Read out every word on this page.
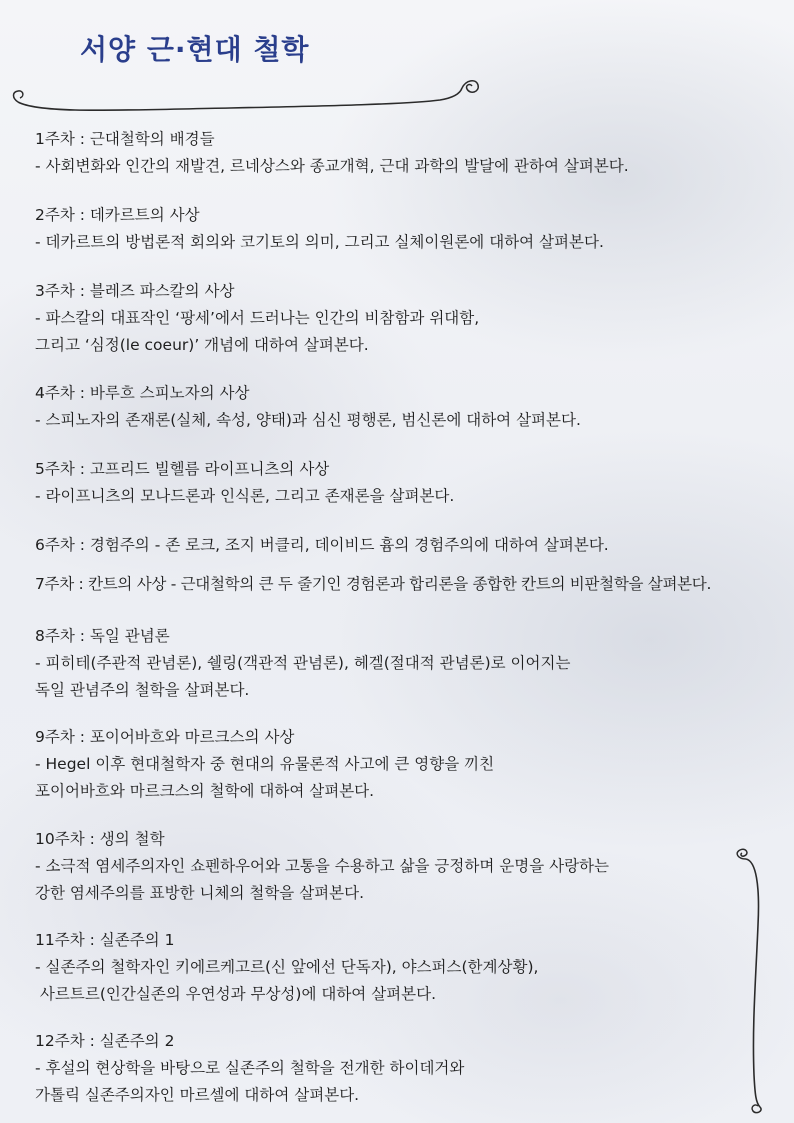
서양 근·현대 철학

1주차 : 근대철학의 배경들

- 사회변화와 인간의 재발견, 르네상스와 종교개혁, 근대 과학의 발달에 관하여 살펴본다.

2주차 : 데카르트의 사상

- 데카르트의 방법론적 회의와 코기토의 의미, 그리고 실체이원론에 대하여 살펴본다.

3주차 : 블레즈 파스칼의 사상

- 파스칼의 대표작인 ‘팡세’에서 드러나는 인간의 비참함과 위대함,

그리고 ‘심정(le coeur)’ 개념에 대하여 살펴본다.

4주차 : 바루흐 스피노자의 사상

- 스피노자의 존재론(실체, 속성, 양태)과 심신 평행론, 범신론에 대하여 살펴본다.

5주차 : 고프리드 빌헬름 라이프니츠의 사상

- 라이프니츠의 모나드론과 인식론, 그리고 존재론을 살펴본다.

6주차 : 경험주의 - 존 로크, 조지 버클리, 데이비드 흄의 경험주의에 대하여 살펴본다.

7주차 : 칸트의 사상 - 근대철학의 큰 두 줄기인 경험론과 합리론을 종합한 칸트의 비판철학을 살펴본다.

8주차 : 독일 관념론

- 피히테(주관적 관념론), 쉘링(객관적 관념론), 헤겔(절대적 관념론)로 이어지는

독일 관념주의 철학을 살펴본다.

9주차 : 포이어바흐와 마르크스의 사상

- Hegel 이후 현대철학자 중 현대의 유물론적 사고에 큰 영향을 끼친

포이어바흐와 마르크스의 철학에 대하여 살펴본다.

10주차 : 생의 철학

- 소극적 염세주의자인 쇼펜하우어와 고통을 수용하고 삶을 긍정하며 운명을 사랑하는

강한 염세주의를 표방한 니체의 철학을 살펴본다.

11주차 : 실존주의 1

- 실존주의 철학자인 키에르케고르(신 앞에선 단독자), 야스퍼스(한계상황),

사르트르(인간실존의 우연성과 무상성)에 대하여 살펴본다.

12주차 : 실존주의 2

- 후설의 현상학을 바탕으로 실존주의 철학을 전개한 하이데거와

가톨릭 실존주의자인 마르셀에 대하여 살펴본다.
